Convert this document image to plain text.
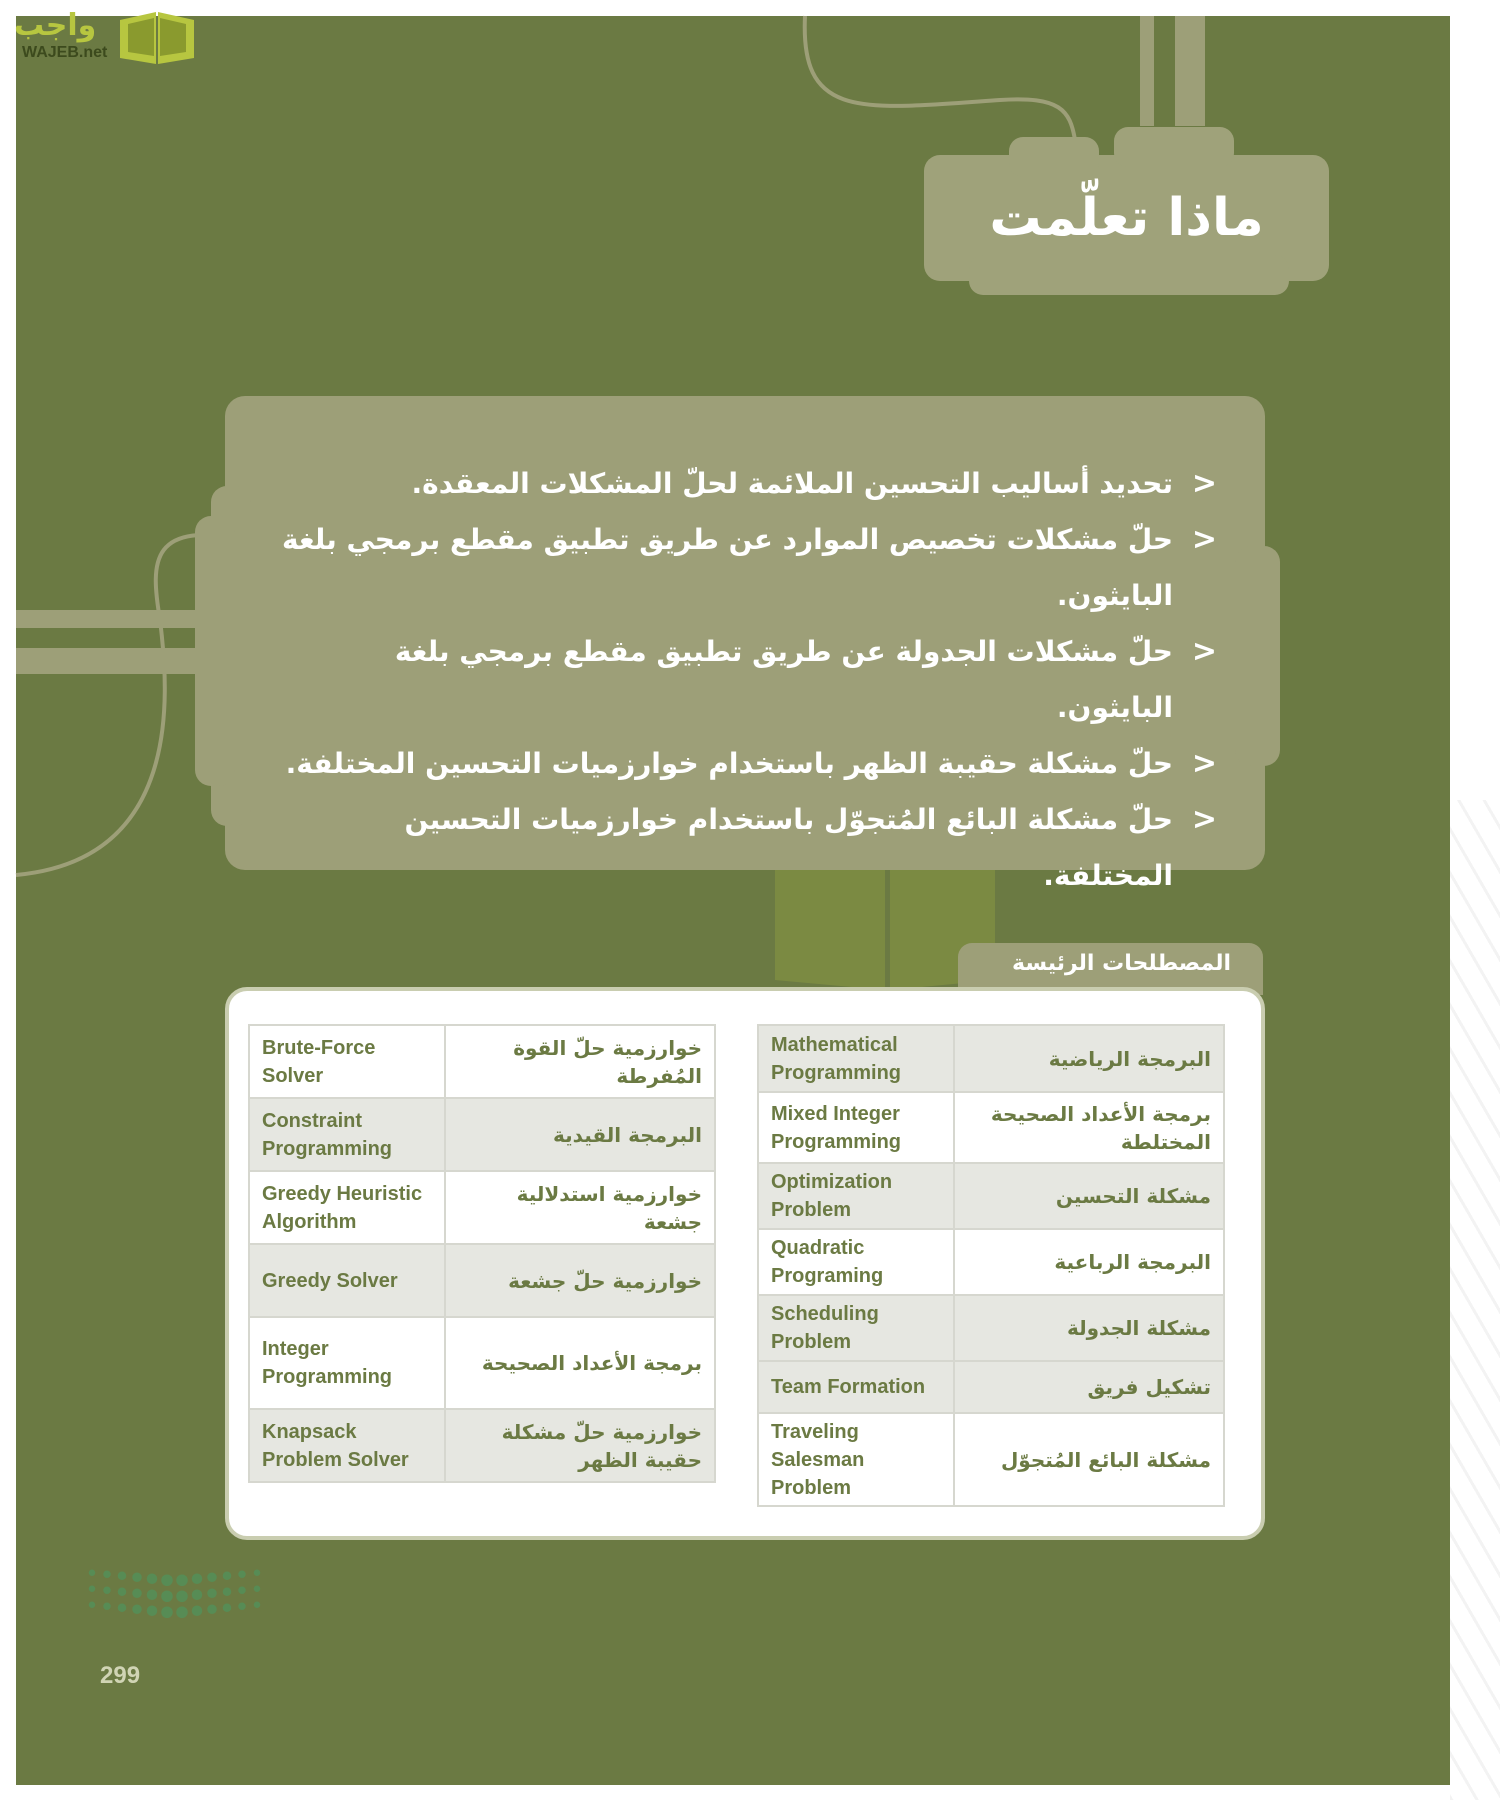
واجب
WAJEB.net
ماذا تعلّمت
<
تحديد أساليب التحسين الملائمة لحلّ المشكلات المعقدة.
<
حلّ مشكلات تخصيص الموارد عن طريق تطبيق مقطع برمجي بلغة البايثون.
<
حلّ مشكلات الجدولة عن طريق تطبيق مقطع برمجي بلغة البايثون.
<
حلّ مشكلة حقيبة الظهر باستخدام خوارزميات التحسين المختلفة.
<
حلّ مشكلة البائع المُتجوّل باستخدام خوارزميات التحسين المختلفة.
المصطلحات الرئيسة
Brute-Force Solver	خوارزمية حلّ القوة المُفرطة
Constraint Programming	البرمجة القيدية
Greedy Heuristic Algorithm	خوارزمية استدلالية جشعة
Greedy Solver	خوارزمية حلّ جشعة
Integer Programming	برمجة الأعداد الصحيحة
Knapsack Problem Solver	خوارزمية حلّ مشكلة حقيبة الظهر
Mathematical Programming	البرمجة الرياضية
Mixed Integer Programming	برمجة الأعداد الصحيحة المختلطة
Optimization Problem	مشكلة التحسين
Quadratic Programing	البرمجة الرباعية
Scheduling Problem	مشكلة الجدولة
Team Formation	تشكيل فريق
Traveling Salesman Problem	مشكلة البائع المُتجوّل
299
